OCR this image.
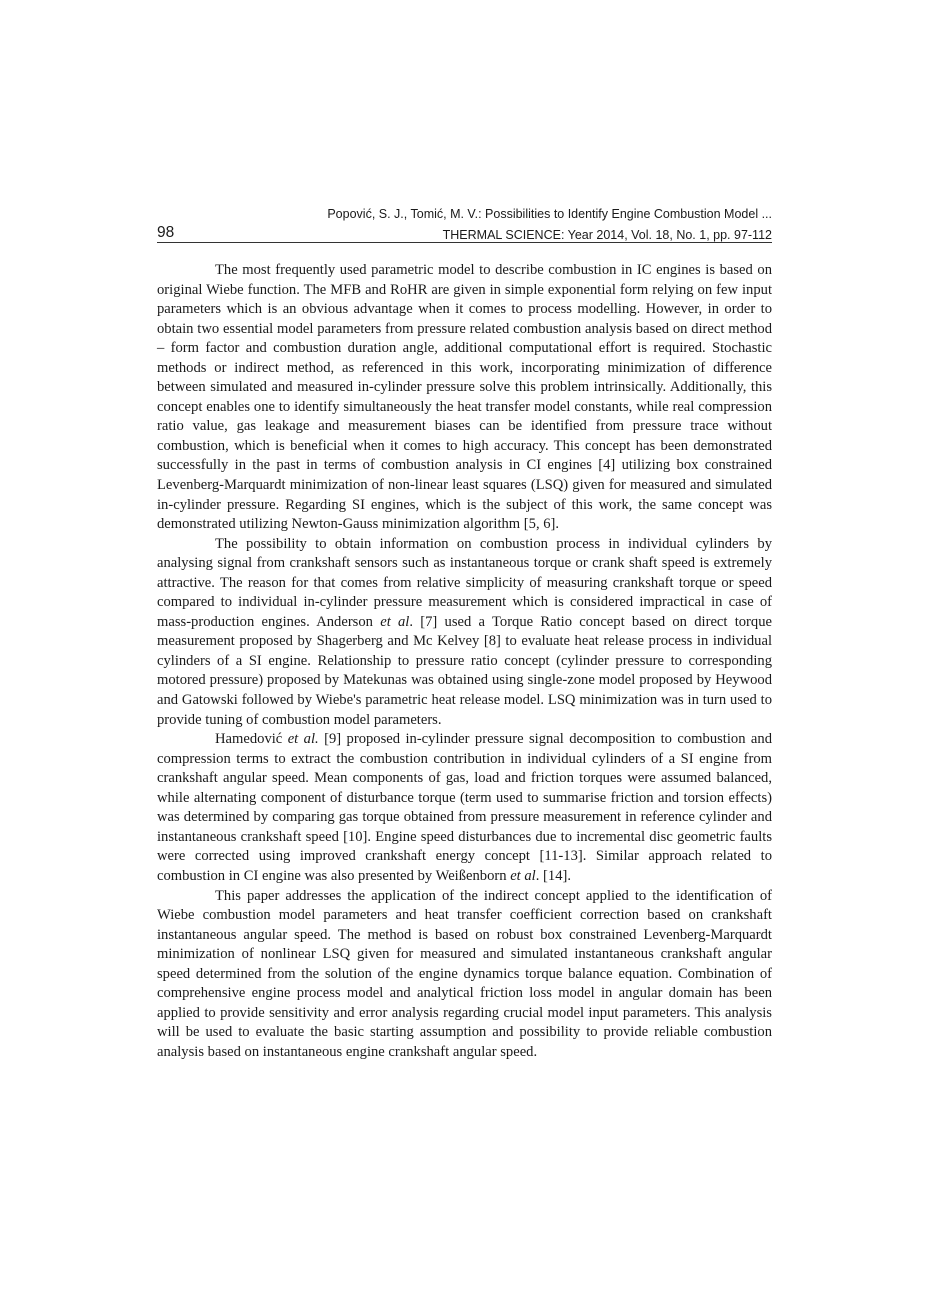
Popović, S. J., Tomić, M. V.: Possibilities to Identify Engine Combustion Model ...
98	THERMAL SCIENCE: Year 2014, Vol. 18, No. 1, pp. 97-112

The most frequently used parametric model to describe combustion in IC engines is based on original Wiebe function. The MFB and RoHR are given in simple exponential form relying on few input parameters which is an obvious advantage when it comes to process modelling. However, in order to obtain two essential model parameters from pressure related combustion analysis based on direct method – form factor and combustion duration angle, additional computational effort is required. Stochastic methods or indirect method, as referenced in this work, incorporating minimization of difference between simulated and measured in-cylinder pressure solve this problem intrinsically. Additionally, this concept enables one to identify simultaneously the heat transfer model constants, while real compression ratio value, gas leakage and measurement biases can be identified from pressure trace without combustion, which is beneficial when it comes to high accuracy. This concept has been demonstrated successfully in the past in terms of combustion analysis in CI engines [4] utilizing box constrained Levenberg-Marquardt minimization of non-linear least squares (LSQ) given for measured and simulated in-cylinder pressure. Regarding SI engines, which is the subject of this work, the same concept was demonstrated utilizing Newton-Gauss minimization algorithm [5, 6].

The possibility to obtain information on combustion process in individual cylinders by analysing signal from crankshaft sensors such as instantaneous torque or crank shaft speed is extremely attractive. The reason for that comes from relative simplicity of measuring crankshaft torque or speed compared to individual in-cylinder pressure measurement which is considered impractical in case of mass-production engines. Anderson et al. [7] used a Torque Ratio concept based on direct torque measurement proposed by Shagerberg and Mc Kelvey [8] to evaluate heat release process in individual cylinders of a SI engine. Relationship to pressure ratio concept (cylinder pressure to corresponding motored pressure) proposed by Matekunas was obtained using single-zone model proposed by Heywood and Gatowski followed by Wiebe's parametric heat release model. LSQ minimization was in turn used to provide tuning of combustion model parameters.

Hamedović et al. [9] proposed in-cylinder pressure signal decomposition to combustion and compression terms to extract the combustion contribution in individual cylinders of a SI engine from crankshaft angular speed. Mean components of gas, load and friction torques were assumed balanced, while alternating component of disturbance torque (term used to summarise friction and torsion effects) was determined by comparing gas torque obtained from pressure measurement in reference cylinder and instantaneous crankshaft speed [10]. Engine speed disturbances due to incremental disc geometric faults were corrected using improved crankshaft energy concept [11-13]. Similar approach related to combustion in CI engine was also presented by Weißenborn et al. [14].

This paper addresses the application of the indirect concept applied to the identification of Wiebe combustion model parameters and heat transfer coefficient correction based on crankshaft instantaneous angular speed. The method is based on robust box constrained Levenberg-Marquardt minimization of nonlinear LSQ given for measured and simulated instantaneous crankshaft angular speed determined from the solution of the engine dynamics torque balance equation. Combination of comprehensive engine process model and analytical friction loss model in angular domain has been applied to provide sensitivity and error analysis regarding crucial model input parameters. This analysis will be used to evaluate the basic starting assumption and possibility to provide reliable combustion analysis based on instantaneous engine crankshaft angular speed.
